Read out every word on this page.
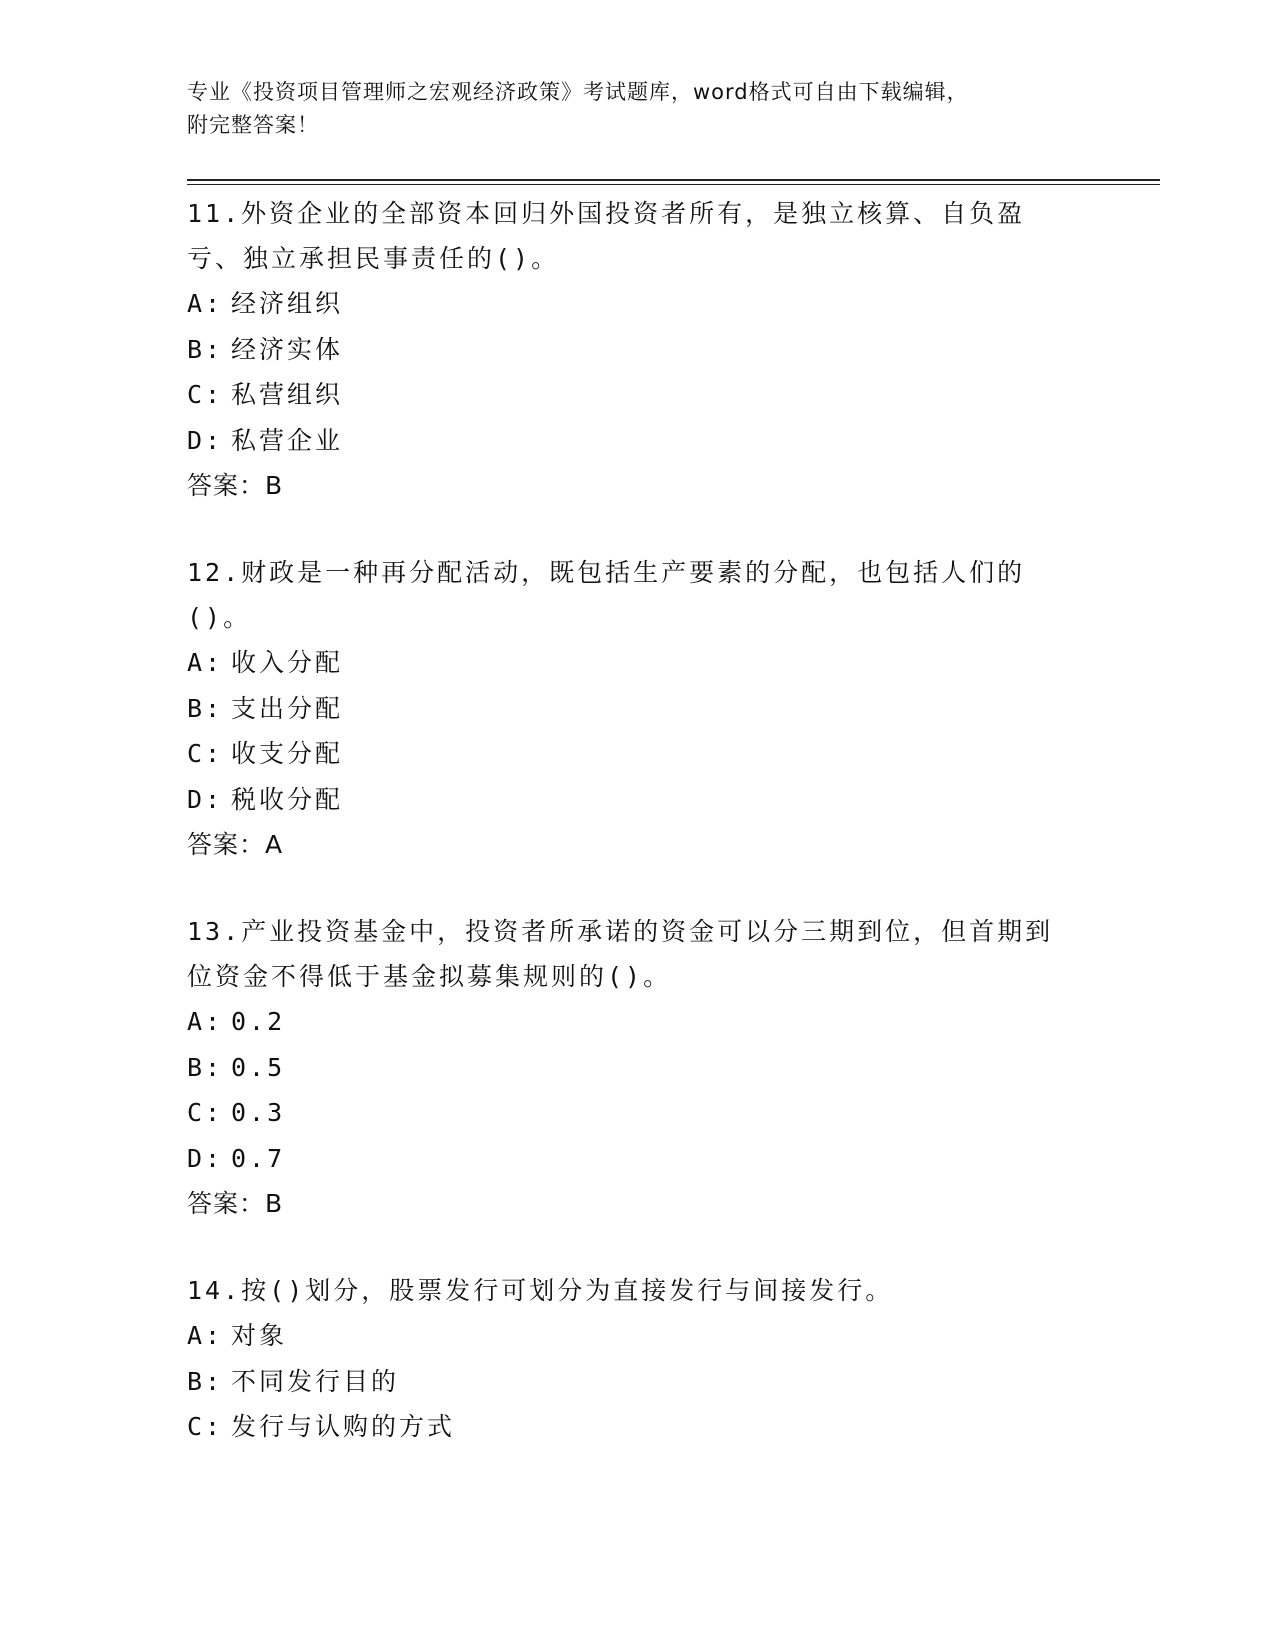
专业《投资项目管理师之宏观经济政策》考试题库，word格式可自由下载编辑，

附完整答案！

11.外资企业的全部资本回归外国投资者所有，是独立核算、自负盈亏、独立承担民事责任的()。

A: 经济组织
B: 经济实体
C: 私营组织
D: 私营企业

答案：B

12.财政是一种再分配活动，既包括生产要素的分配，也包括人们的()。

A: 收入分配
B: 支出分配
C: 收支分配
D: 税收分配

答案：A

13.产业投资基金中，投资者所承诺的资金可以分三期到位，但首期到位资金不得低于基金拟募集规则的()。

A: 0.2
B: 0.5
C: 0.3
D: 0.7

答案：B

14.按()划分，股票发行可划分为直接发行与间接发行。

A: 对象
B: 不同发行目的
C: 发行与认购的方式
